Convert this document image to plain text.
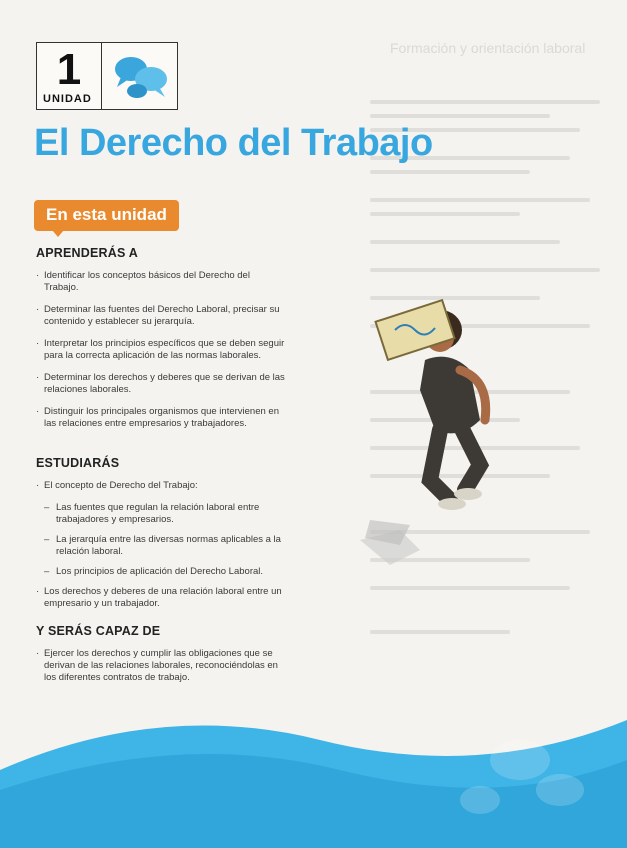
Formación y orientación laboral
1
UNIDAD
El Derecho del Trabajo
En esta unidad
APRENDERÁS A
· Identificar los conceptos básicos del Derecho del Trabajo.
· Determinar las fuentes del Derecho Laboral, precisar su contenido y establecer su jerarquía.
· Interpretar los principios específicos que se deben seguir para la correcta aplicación de las normas laborales.
· Determinar los derechos y deberes que se derivan de las relaciones laborales.
· Distinguir los principales organismos que intervienen en las relaciones entre empresarios y trabajadores.
ESTUDIARÁS
· El concepto de Derecho del Trabajo:
– Las fuentes que regulan la relación laboral entre trabajadores y empresarios.
– La jerarquía entre las diversas normas aplicables a la relación laboral.
– Los principios de aplicación del Derecho Laboral.
· Los derechos y deberes de una relación laboral entre un empresario y un trabajador.
Y SERÁS CAPAZ DE
· Ejercer los derechos y cumplir las obligaciones que se derivan de las relaciones laborales, reconociéndolas en los diferentes contratos de trabajo.
